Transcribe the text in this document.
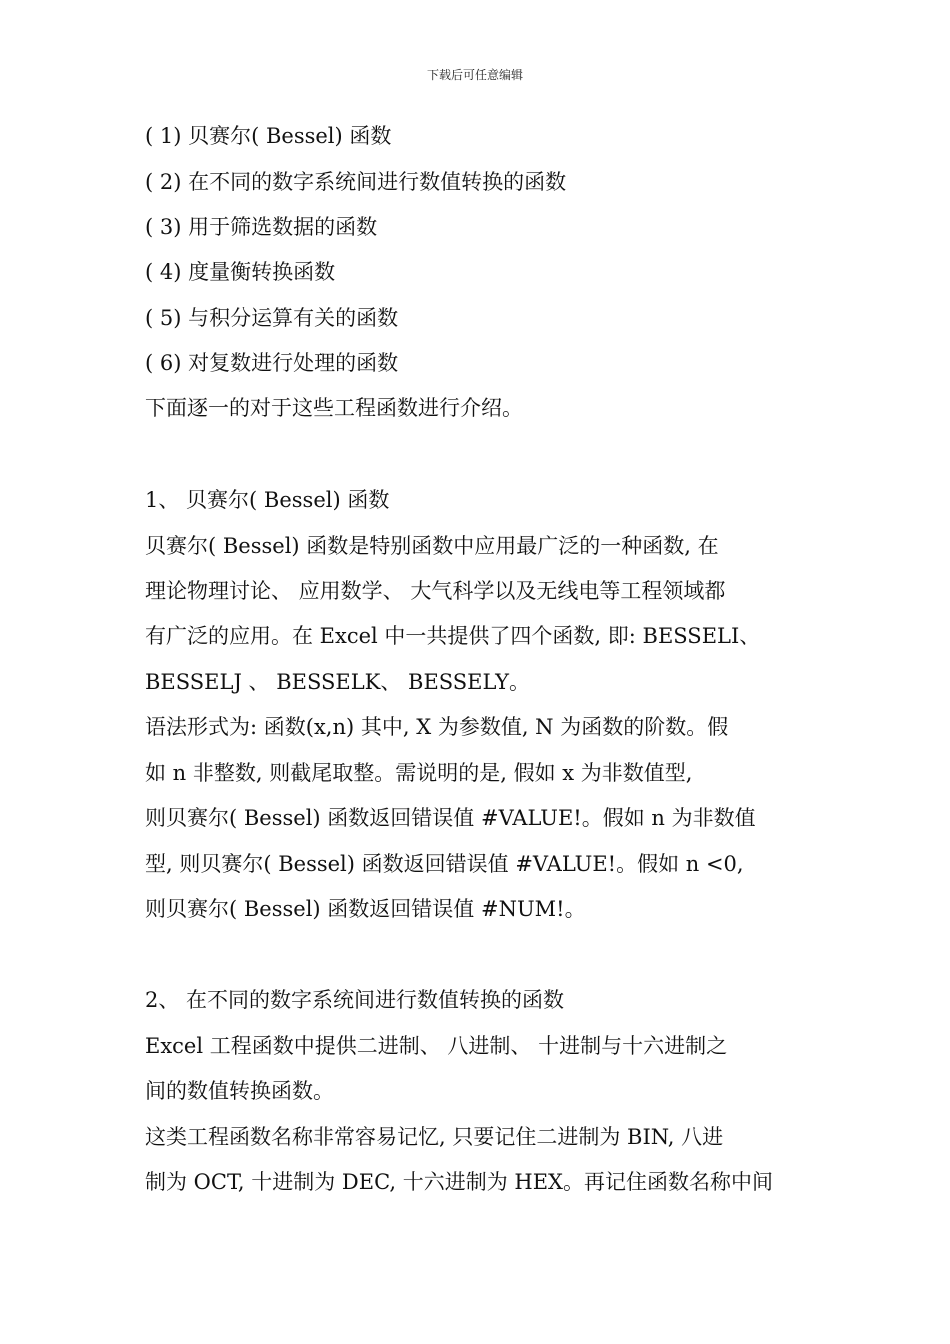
下载后可任意编辑
( 1) 贝赛尔( Bessel) 函数
( 2) 在不同的数字系统间进行数值转换的函数
( 3) 用于筛选数据的函数
( 4) 度量衡转换函数
( 5) 与积分运算有关的函数
( 6) 对复数进行处理的函数
下面逐一的对于这些工程函数进行介绍。
1、 贝赛尔( Bessel) 函数
贝赛尔( Bessel) 函数是特别函数中应用最广泛的一种函数, 在
理论物理讨论、 应用数学、 大气科学以及无线电等工程领域都
有广泛的应用。在 Excel 中一共提供了四个函数, 即: BESSELI、
BESSELJ 、 BESSELK、 BESSELY。
语法形式为: 函数(x,n) 其中, X 为参数值, N 为函数的阶数。假
如 n 非整数, 则截尾取整。需说明的是, 假如 x 为非数值型,
则贝赛尔( Bessel) 函数返回错误值 #VALUE!。假如 n 为非数值
型, 则贝赛尔( Bessel) 函数返回错误值 #VALUE!。假如 n <0,
则贝赛尔( Bessel) 函数返回错误值 #NUM!。
2、 在不同的数字系统间进行数值转换的函数
Excel 工程函数中提供二进制、 八进制、 十进制与十六进制之
间的数值转换函数。
这类工程函数名称非常容易记忆, 只要记住二进制为 BIN, 八进
制为 OCT, 十进制为 DEC, 十六进制为 HEX。再记住函数名称中间
